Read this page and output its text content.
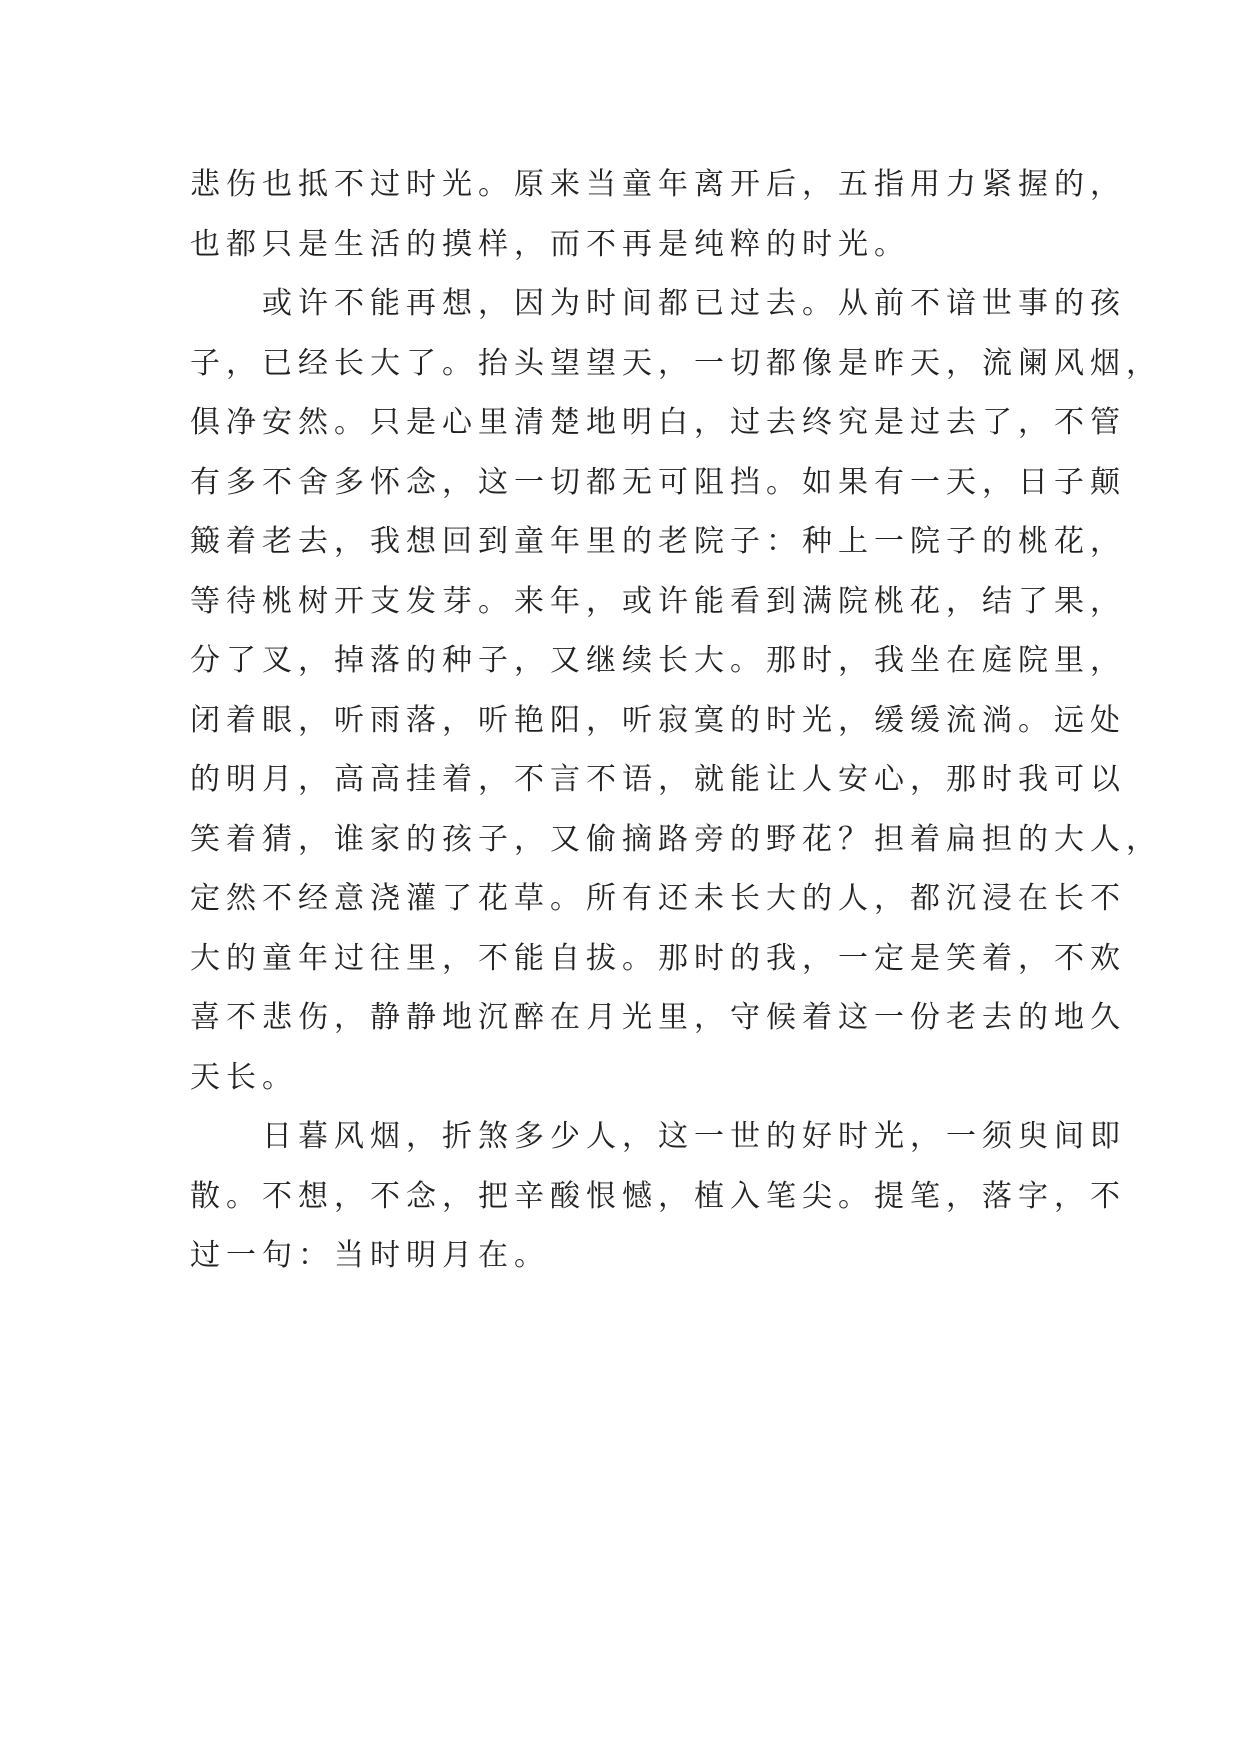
悲伤也抵不过时光。原来当童年离开后，五指用力紧握的，
也都只是生活的摸样，而不再是纯粹的时光。
或许不能再想，因为时间都已过去。从前不谙世事的孩
子，已经长大了。抬头望望天，一切都像是昨天，流阑风烟，
俱净安然。只是心里清楚地明白，过去终究是过去了，不管
有多不舍多怀念，这一切都无可阻挡。如果有一天，日子颠
簸着老去，我想回到童年里的老院子：种上一院子的桃花，
等待桃树开支发芽。来年，或许能看到满院桃花，结了果，
分了叉，掉落的种子，又继续长大。那时，我坐在庭院里，
闭着眼，听雨落，听艳阳，听寂寞的时光，缓缓流淌。远处
的明月，高高挂着，不言不语，就能让人安心，那时我可以
笑着猜，谁家的孩子，又偷摘路旁的野花？担着扁担的大人，
定然不经意浇灌了花草。所有还未长大的人，都沉浸在长不
大的童年过往里，不能自拔。那时的我，一定是笑着，不欢
喜不悲伤，静静地沉醉在月光里，守候着这一份老去的地久
天长。
日暮风烟，折煞多少人，这一世的好时光，一须臾间即
散。不想，不念，把辛酸恨憾，植入笔尖。提笔，落字，不
过一句：当时明月在。
